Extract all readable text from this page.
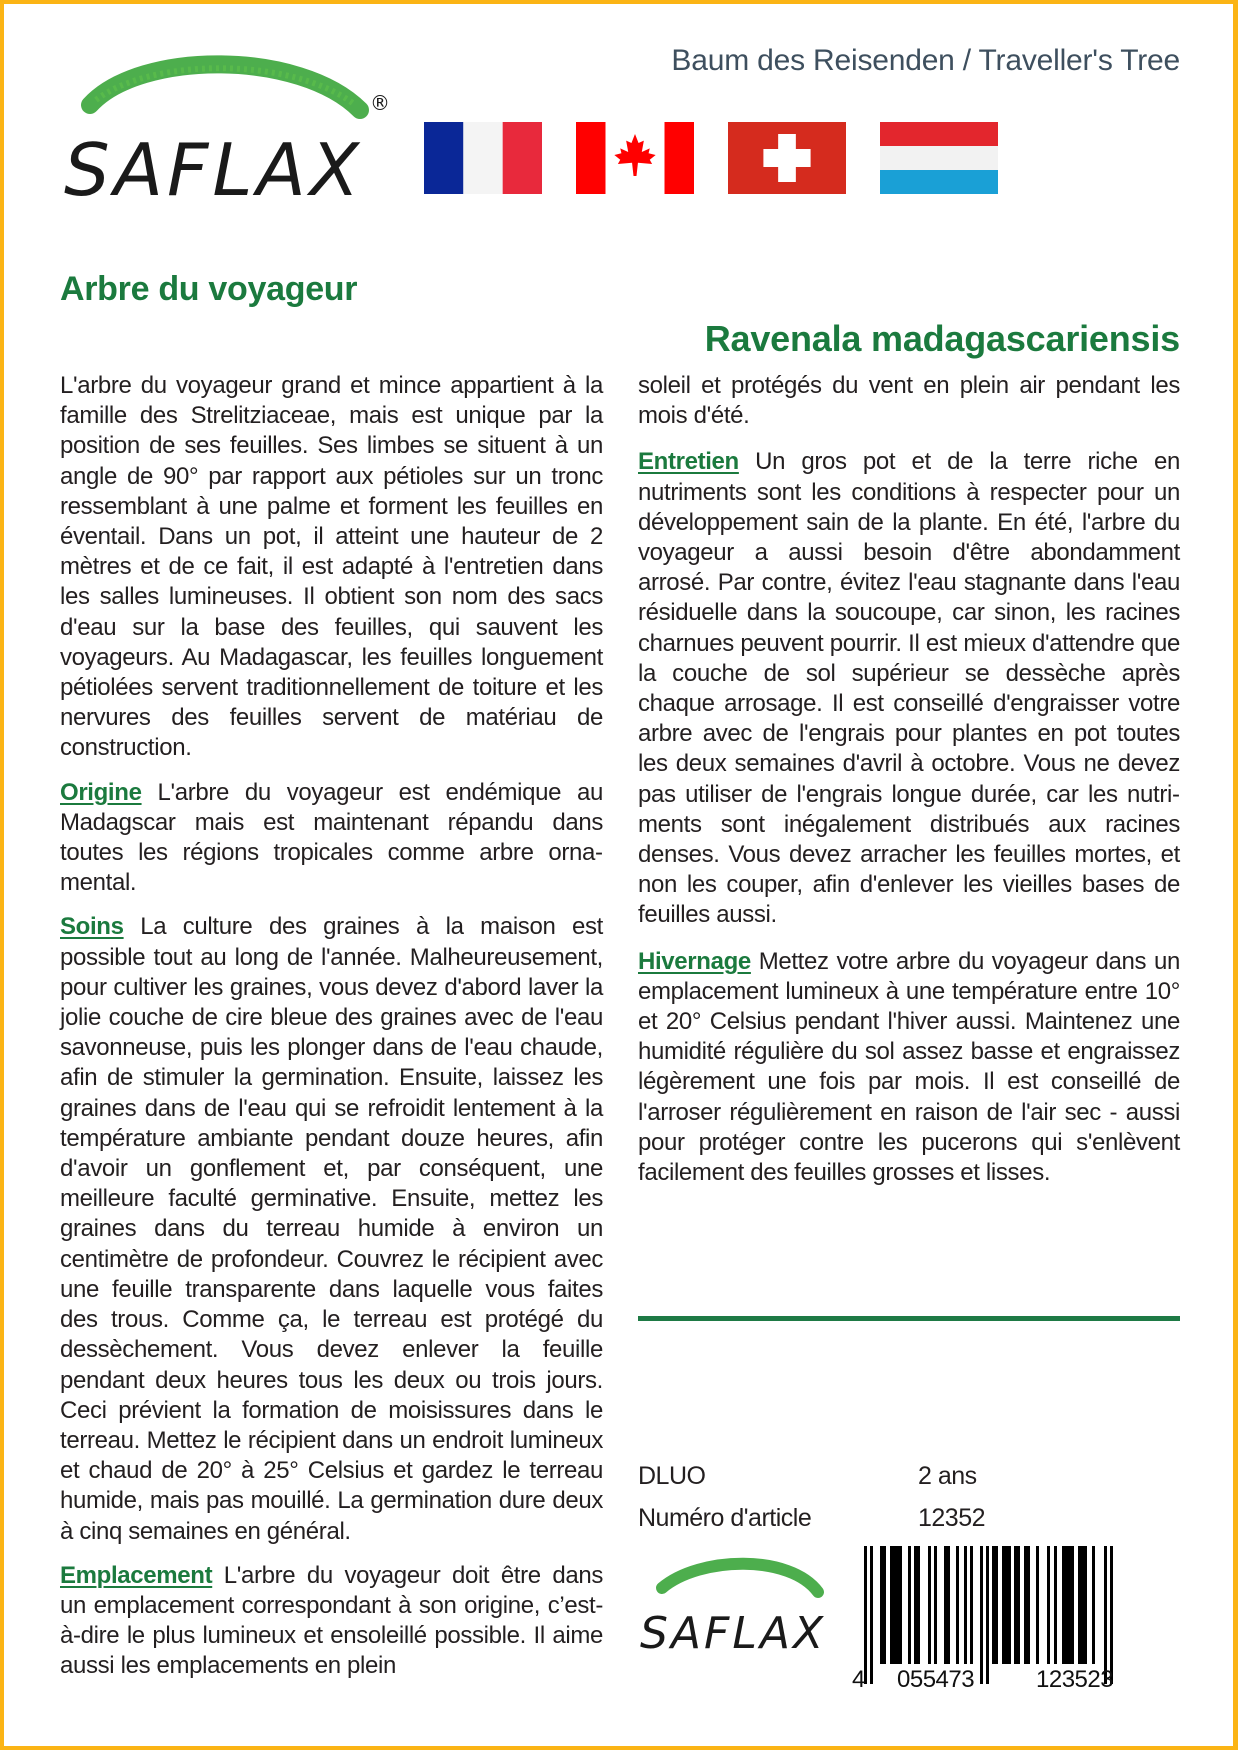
SAFLAX
®
Baum des Reisenden / Traveller's Tree
Arbre du voyageur
Ravenala madagascariensis

L'arbre du voyageur grand et mince appartient à la famille des Strelitziaceae, mais est unique par la position de ses feuilles. Ses limbes se situent à un angle de 90° par rapport aux pétioles sur un tronc ressemblant à une palme et forment les feuilles en éventail. Dans un pot, il atteint une hauteur de 2 mètres et de ce fait, il est adapté à l'entretien dans les salles lumineuses. Il obtient son nom des sacs d'eau sur la base des feuilles, qui sauvent les voyageurs. Au Madagascar, les feuilles longuement pétiolées servent traditionnellement de toiture et les nervures des feuilles servent de matériau de construction.

Origine L'arbre du voyageur est endémique au Madagscar mais est maintenant répandu dans toutes les régions tropicales comme arbre ornamental.

Soins La culture des graines à la maison est possible tout au long de l'année. Malheureusement, pour cultiver les graines, vous devez d'abord laver la jolie couche de cire bleue des graines avec de l'eau savonneuse, puis les plonger dans de l'eau chaude, afin de stimuler la germination. Ensuite, laissez les graines dans de l'eau qui se refroidit lentement à la température ambiante pendant douze heures, afin d'avoir un gonflement et, par conséquent, une meilleure faculté germinative. Ensuite, mettez les graines dans du terreau humide à environ un centimètre de profondeur. Couvrez le récipient avec une feuille transparente dans laquelle vous faites des trous. Comme ça, le terreau est protégé du dessèchement. Vous devez enlever la feuille pendant deux heures tous les deux ou trois jours. Ceci prévient la formation de moisissures dans le terreau. Mettez le récipient dans un endroit lumineux et chaud de 20° à 25° Celsius et gardez le terreau humide, mais pas mouillé. La germination dure deux à cinq semaines en général.

Emplacement L'arbre du voyageur doit être dans un emplacement correspondant à son origine, c’est-à-dire le plus lumineux et ensoleillé possible. Il aime aussi les emplacements en plein

soleil et protégés du vent en plein air pendant les mois d'été.

Entretien Un gros pot et de la terre riche en nutriments sont les conditions à respecter pour un développement sain de la plante. En été, l'arbre du voyageur a aussi besoin d'être abondamment arrosé. Par contre, évitez l'eau stagnante dans l'eau résiduelle dans la soucoupe, car sinon, les racines charnues peuvent pourrir. Il est mieux d'attendre que la couche de sol supérieur se dessèche après chaque arrosage. Il est conseillé d'engraisser votre arbre avec de l'engrais pour plantes en pot toutes les deux semaines d'avril à octobre. Vous ne devez pas utiliser de l'engrais longue durée, car les nutriments sont inégalement distribués aux racines denses. Vous devez arracher les feuilles mortes, et non les couper, afin d'enlever les vieilles bases de feuilles aussi.

Hivernage Mettez votre arbre du voyageur dans un emplacement lumineux à une température entre 10° et 20° Celsius pendant l'hiver aussi. Maintenez une humidité régulière du sol assez basse et engraissez légèrement une fois par mois. Il est conseillé de l'arroser régulièrement en raison de l'air sec - aussi pour protéger contre les pucerons qui s'enlèvent facilement des feuilles grosses et lisses.

DLUO	2 ans
Numéro d'article	12352
SAFLAX
4 055473	123523
